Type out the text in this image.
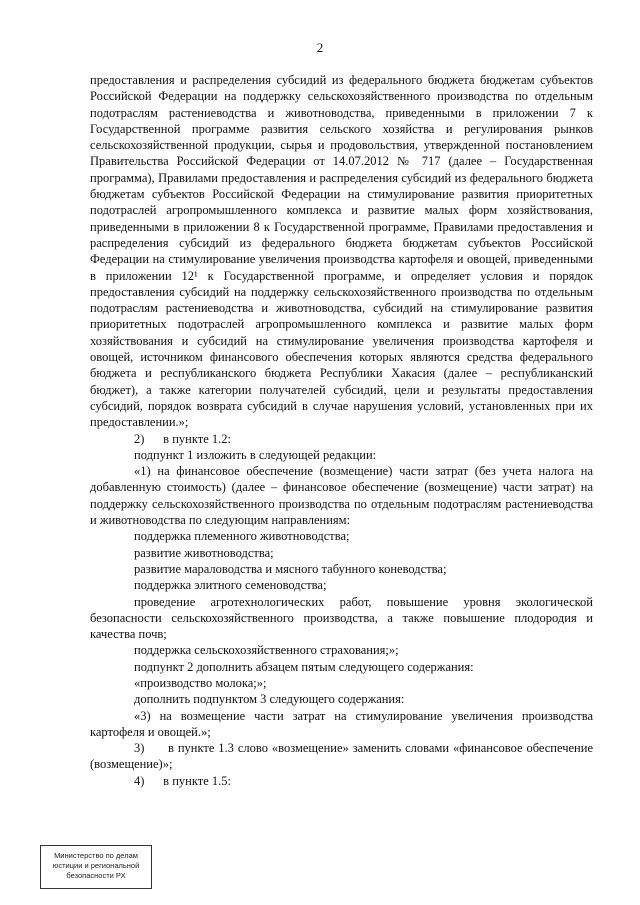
2

предоставления и распределения субсидий из федерального бюджета бюджетам субъектов Российской Федерации на поддержку сельскохозяйственного производства по отдельным подотраслям растениеводства и животноводства, приведенными в приложении 7 к Государственной программе развития сельского хозяйства и регулирования рынков сельскохозяйственной продукции, сырья и продовольствия, утвержденной постановлением Правительства Российской Федерации от 14.07.2012 № 717 (далее – Государственная программа), Правилами предоставления и распределения субсидий из федерального бюджета бюджетам субъектов Российской Федерации на стимулирование развития приоритетных подотраслей агропромышленного комплекса и развитие малых форм хозяйствования, приведенными в приложении 8 к Государственной программе, Правилами предоставления и распределения субсидий из федерального бюджета бюджетам субъектов Российской Федерации на стимулирование увеличения производства картофеля и овощей, приведенными в приложении 12¹ к Государственной программе, и определяет условия и порядок предоставления субсидий на поддержку сельскохозяйственного производства по отдельным подотраслям растениеводства и животноводства, субсидий на стимулирование развития приоритетных подотраслей агропромышленного комплекса и развитие малых форм хозяйствования и субсидий на стимулирование увеличения производства картофеля и овощей, источником финансового обеспечения которых являются средства федерального бюджета и республиканского бюджета Республики Хакасия (далее – республиканский бюджет), а также категории получателей субсидий, цели и результаты предоставления субсидий, порядок возврата субсидий в случае нарушения условий, установленных при их предоставлении.»;

2)      в пункте 1.2:

подпункт 1 изложить в следующей редакции:

«1) на финансовое обеспечение (возмещение) части затрат (без учета налога на добавленную стоимость) (далее – финансовое обеспечение (возмещение) части затрат) на поддержку сельскохозяйственного производства по отдельным подотраслям растениеводства и животноводства по следующим направлениям:

поддержка племенного животноводства;

развитие животноводства;

развитие мараловодства и мясного табунного коневодства;

поддержка элитного семеноводства;

проведение агротехнологических работ, повышение уровня экологической безопасности сельскохозяйственного производства, а также повышение плодородия и качества почв;

поддержка сельскохозяйственного страхования;»;

подпункт 2 дополнить абзацем пятым следующего содержания:

«производство молока;»;

дополнить подпунктом 3 следующего содержания:

«3) на возмещение части затрат на стимулирование увеличения производства картофеля и овощей.»;

3)      в пункте 1.3 слово «возмещение» заменить словами «финансовое обеспечение (возмещение)»;

4)      в пункте 1.5:

Министерство по делам
юстиции и региональной
безопасности РХ
